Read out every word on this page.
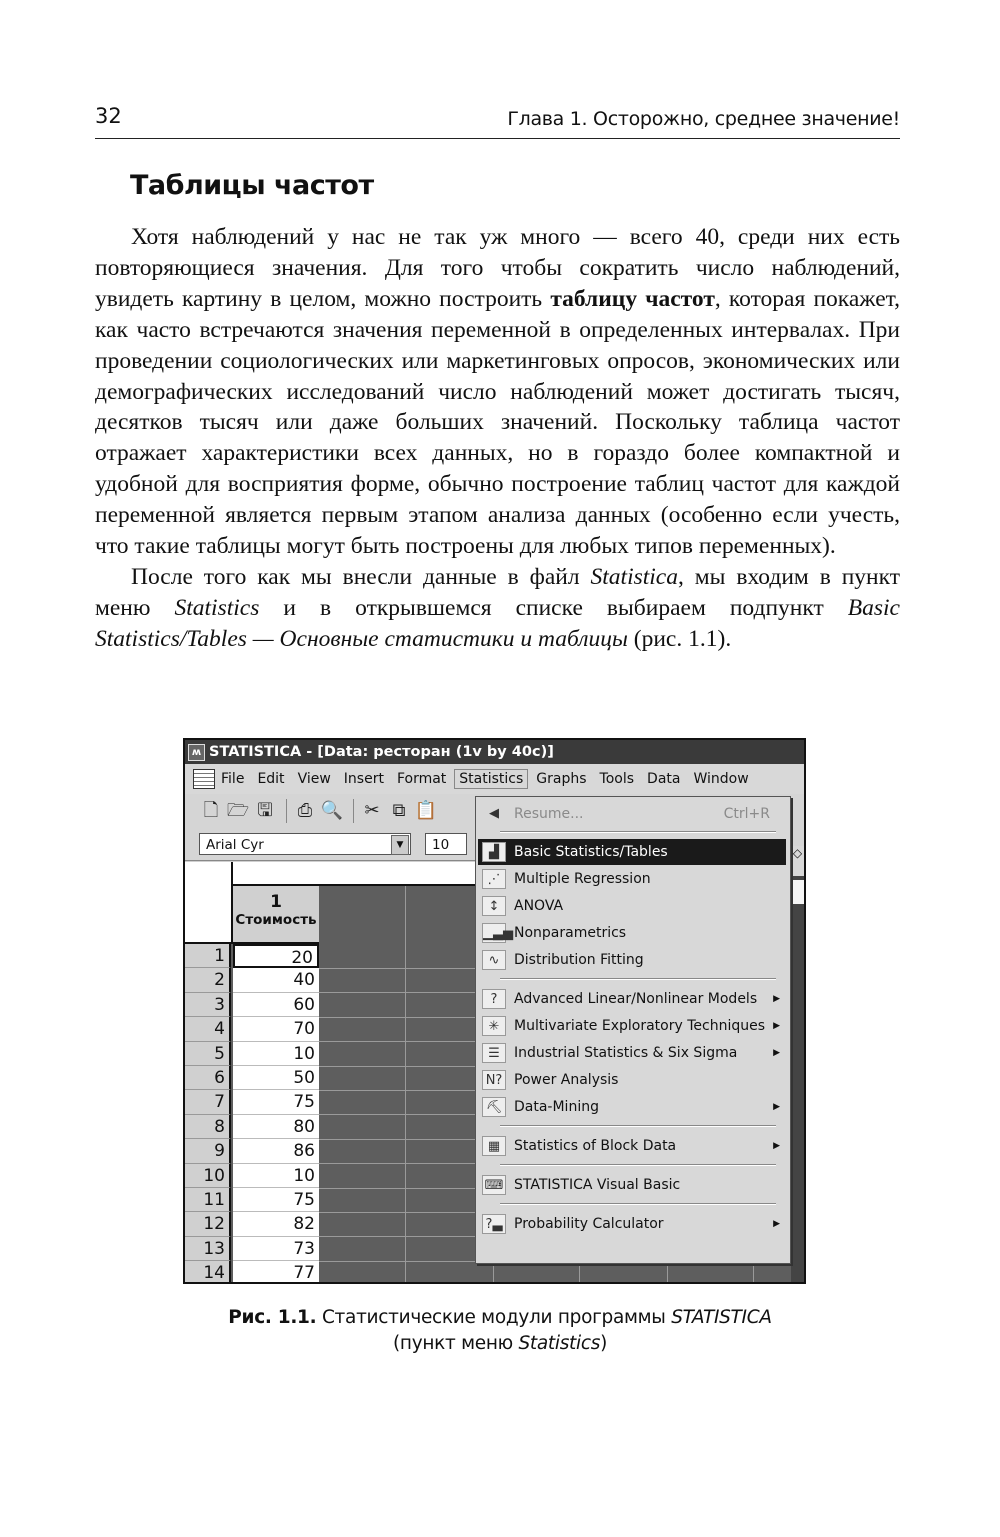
32	Глава 1. Осторожно, среднее значение!
Таблицы частот

Хотя наблюдений у нас не так уж много — всего 40, среди них есть повторяющиеся значения. Для того чтобы сократить число наблюдений, увидеть картину в целом, можно построить таблицу частот, которая покажет, как часто встречаются значения переменной в определенных интервалах. При проведении социологических или маркетинговых опросов, экономических или демографических исследований число наблюдений может достигать тысяч, десятков тысяч или даже больших значений. Поскольку таблица частот отражает характеристики всех данных, но в гораздо более компактной и удобной для восприятия форме, обычно построение таблиц частот для каждой переменной является первым этапом анализа данных (особенно если учесть, что такие таблицы могут быть построены для любых типов переменных).

После того как мы внесли данные в файл Statistica, мы входим в пункт меню Statistics и в открывшемся списке выбираем подпункт Basic Statistics/Tables — Основные статистики и таблицы (рис. 1.1).

ʍ STATISTICA - [Data: ресторан (1v by 40c)]
File Edit View Insert Format Statistics Graphs Tools Data Window
🗋 🗁 🖫 ⎙ 🔍 ✂ ⧉ 📋
Arial Cyr	▼	10
1
Стоимость
1	20
2	40
3	60
4	70
5	10
6	50
7	75
8	80
9	86
10	10
11	75
12	82
13	73
14	77
◇
◀	Resume...	Ctrl+R
▟	Basic Statistics/Tables
⋰ Multiple Regression
↕	ANOVA
▁▃▅ Nonparametrics
∿	Distribution Fitting
?	Advanced Linear/Nonlinear Models ▶
✳	Multivariate Exploratory Techniques ▶
☰	Industrial Statistics & Six Sigma	▶
N? Power Analysis
⛏ Data-Mining	▶
▦ Statistics of Block Data	▶
⌨ STATISTICA Visual Basic
?▃ Probability Calculator	▶
Рис. 1.1. Статистические модули программы STATISTICA
(пункт меню Statistics)
